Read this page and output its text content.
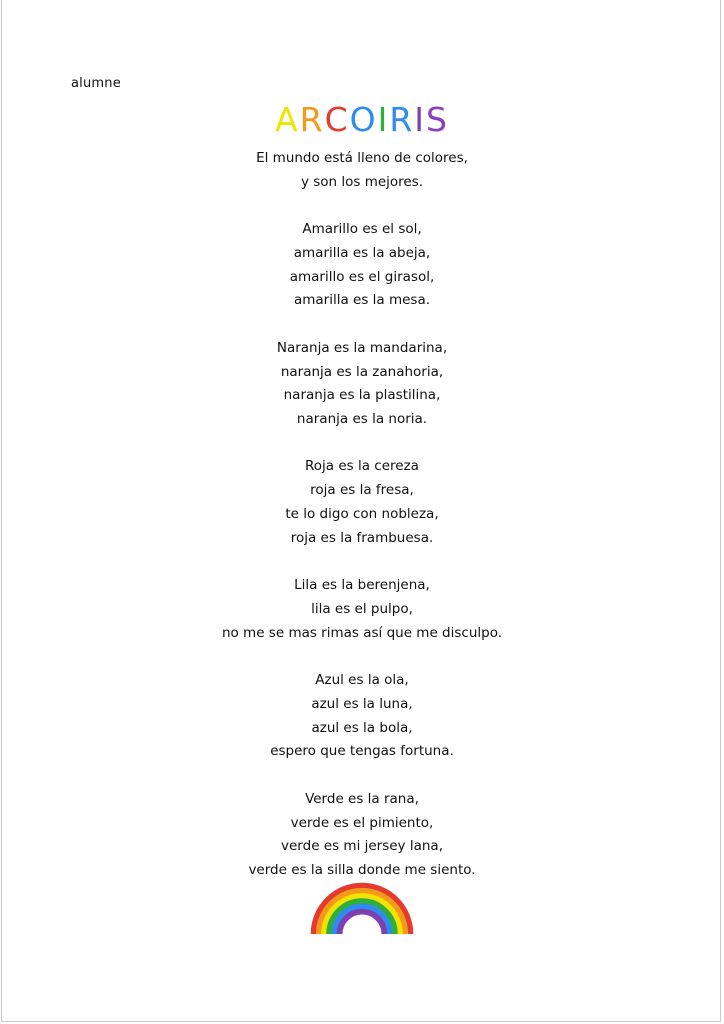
alumne
ARCOIRIS
El mundo está lleno de colores,
y son los mejores.
Amarillo es el sol,
amarilla es la abeja,
amarillo es el girasol,
amarilla es la mesa.
Naranja es la mandarina,
naranja es la zanahoria,
naranja es la plastilina,
naranja es la noria.
Roja es la cereza
roja es la fresa,
te lo digo con nobleza,
roja es la frambuesa.
Lila es la berenjena,
lila es el pulpo,
no me se mas rimas así que me disculpo.
Azul es la ola,
azul es la luna,
azul es la bola,
espero que tengas fortuna.
Verde es la rana,
verde es el pimiento,
verde es mi jersey lana,
verde es la silla donde me siento.
